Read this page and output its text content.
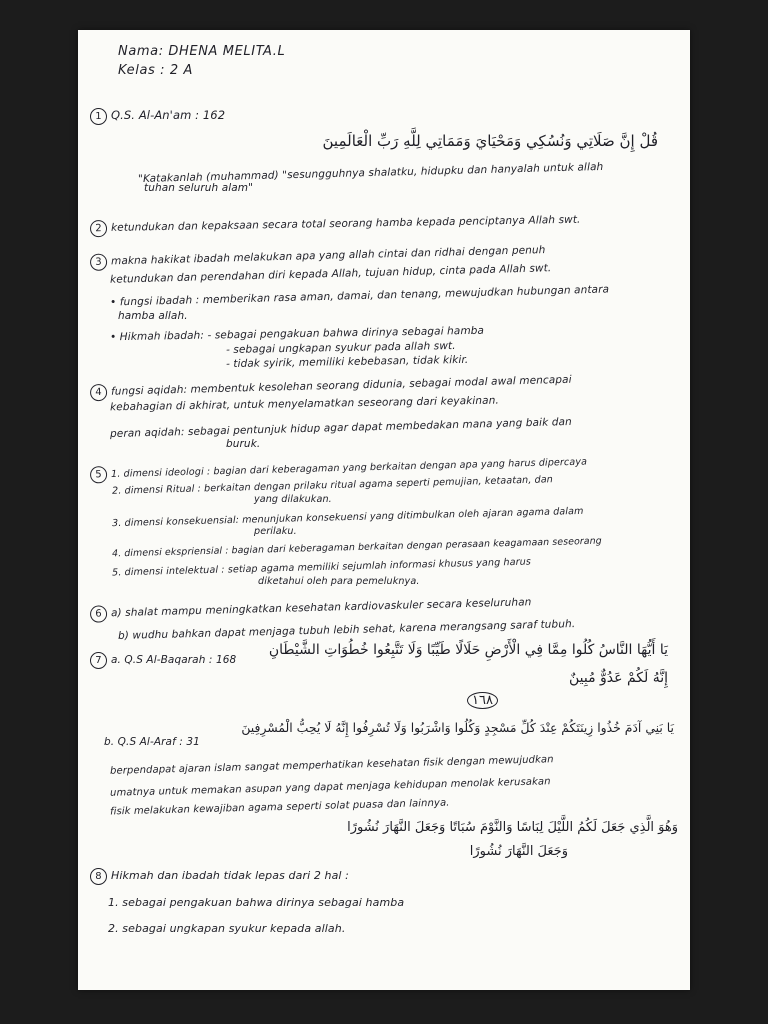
Nama: DHENA MELITA.L
Kelas : 2 A
1 Q.S. Al-An'am : 162
قُلْ إِنَّ صَلَاتِي وَنُسُكِي وَمَحْيَايَ وَمَمَاتِي لِلَّهِ رَبِّ الْعَالَمِينَ
"Katakanlah (muhammad) "sesungguhnya shalatku, hidupku dan hanyalah untuk allah
tuhan seluruh alam"
2 ketundukan dan kepaksaan secara total seorang hamba kepada penciptanya Allah swt.
3 makna hakikat ibadah melakukan apa yang allah cintai dan ridhai dengan penuh
ketundukan dan perendahan diri kepada Allah, tujuan hidup, cinta pada Allah swt.
• fungsi ibadah : memberikan rasa aman, damai, dan tenang, mewujudkan hubungan antara
hamba allah.
• Hikmah ibadah: - sebagai pengakuan bahwa dirinya sebagai hamba
- sebagai ungkapan syukur pada allah swt.
- tidak syirik, memiliki kebebasan, tidak kikir.
4 fungsi aqidah: membentuk kesolehan seorang didunia, sebagai modal awal mencapai
kebahagian di akhirat, untuk menyelamatkan seseorang dari keyakinan.
peran aqidah: sebagai pentunjuk hidup agar dapat membedakan mana yang baik dan
buruk.
5 1. dimensi ideologi : bagian dari keberagaman yang berkaitan dengan apa yang harus dipercaya
2. dimensi Ritual : berkaitan dengan prilaku ritual agama seperti pemujian, ketaatan, dan
yang dilakukan.
3. dimensi konsekuensial: menunjukan konsekuensi yang ditimbulkan oleh ajaran agama dalam
perilaku.
4. dimensi ekspriensial : bagian dari keberagaman berkaitan dengan perasaan keagamaan seseorang
5. dimensi intelektual : setiap agama memiliki sejumlah informasi khusus yang harus
diketahui oleh para pemeluknya.
6 a) shalat mampu meningkatkan kesehatan kardiovaskuler secara keseluruhan
b) wudhu bahkan dapat menjaga tubuh lebih sehat, karena merangsang saraf tubuh.
7 a. Q.S Al-Baqarah : 168
يَا أَيُّهَا النَّاسُ كُلُوا مِمَّا فِي الْأَرْضِ حَلَالًا طَيِّبًا وَلَا تَتَّبِعُوا خُطُوَاتِ الشَّيْطَانِ
إِنَّهُ لَكُمْ عَدُوٌّ مُبِينٌ
١٦٨
b. Q.S Al-Araf : 31
يَا بَنِي آدَمَ خُذُوا زِينَتَكُمْ عِنْدَ كُلِّ مَسْجِدٍ وَكُلُوا وَاشْرَبُوا وَلَا تُسْرِفُوا إِنَّهُ لَا يُحِبُّ الْمُسْرِفِينَ
berpendapat ajaran islam sangat memperhatikan kesehatan fisik dengan mewujudkan
umatnya untuk memakan asupan yang dapat menjaga kehidupan menolak kerusakan
fisik melakukan kewajiban agama seperti solat puasa dan lainnya.
وَهُوَ الَّذِي جَعَلَ لَكُمُ اللَّيْلَ لِبَاسًا وَالنَّوْمَ سُبَاتًا وَجَعَلَ النَّهَارَ نُشُورًا
وَجَعَلَ النَّهَارَ نُشُورًا
8 Hikmah dan ibadah tidak lepas dari 2 hal :
1. sebagai pengakuan bahwa dirinya sebagai hamba
2. sebagai ungkapan syukur kepada allah.
